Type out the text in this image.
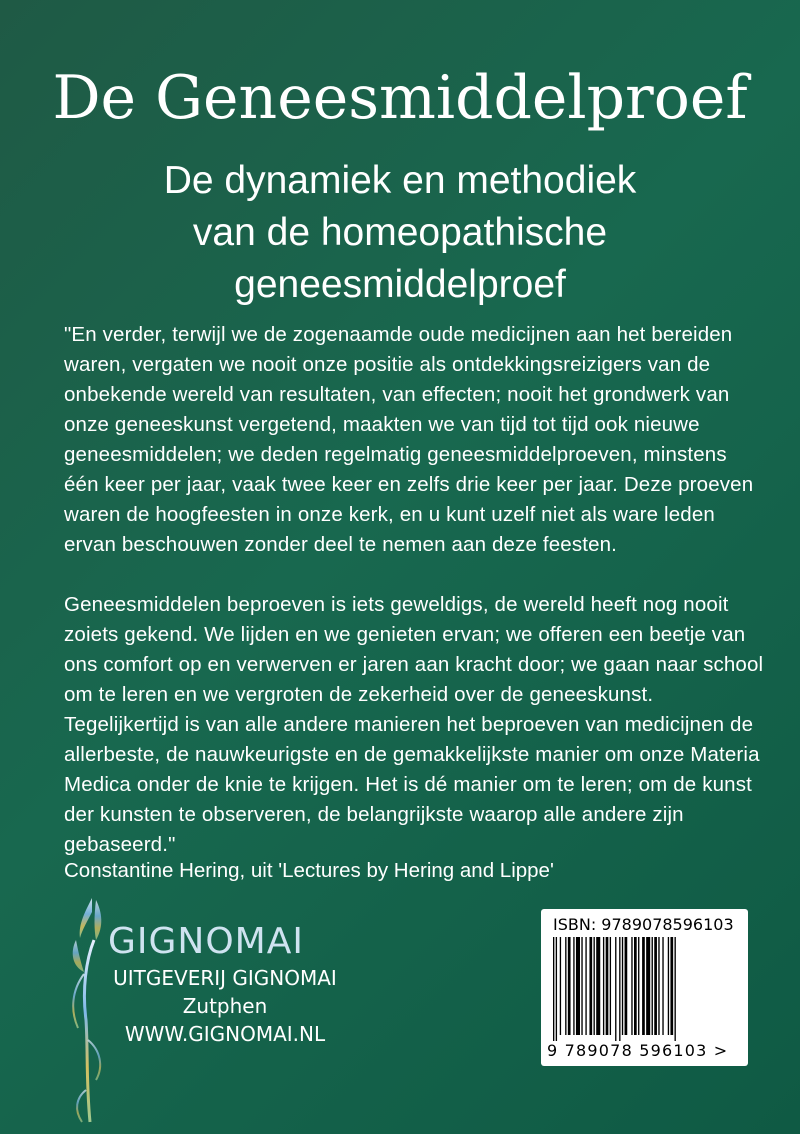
De Geneesmiddelproef
De dynamiek en methodiek
van de homeopathische
geneesmiddelproef

"En verder, terwijl we de zogenaamde oude medicijnen aan het bereiden waren, vergaten we nooit onze positie als ontdekkingsreizigers van de onbekende wereld van resultaten, van effecten; nooit het grondwerk van onze geneeskunst vergetend, maakten we van tijd tot tijd ook nieuwe geneesmiddelen; we deden regelmatig geneesmiddelproeven, minstens één keer per jaar, vaak twee keer en zelfs drie keer per jaar. Deze proeven waren de hoogfeesten in onze kerk, en u kunt uzelf niet als ware leden ervan beschouwen zonder deel te nemen aan deze feesten.

Geneesmiddelen beproeven is iets geweldigs, de wereld heeft nog nooit zoiets gekend. We lijden en we genieten ervan; we offeren een beetje van ons comfort op en verwerven er jaren aan kracht door; we gaan naar school om te leren en we vergroten de zekerheid over de geneeskunst. Tegelijkertijd is van alle andere manieren het beproeven van medicijnen de allerbeste, de nauwkeurigste en de gemakkelijkste manier om onze Materia Medica onder de knie te krijgen. Het is dé manier om te leren; om de kunst der kunsten te observeren, de belangrijkste waarop alle andere zijn gebaseerd."

Constantine Hering, uit 'Lectures by Hering and Lippe'
GIGNOMAI
UITGEVERIJ GIGNOMAI
Zutphen
WWW.GIGNOMAI.NL
ISBN: 9789078596103
9 789078 596103 >
